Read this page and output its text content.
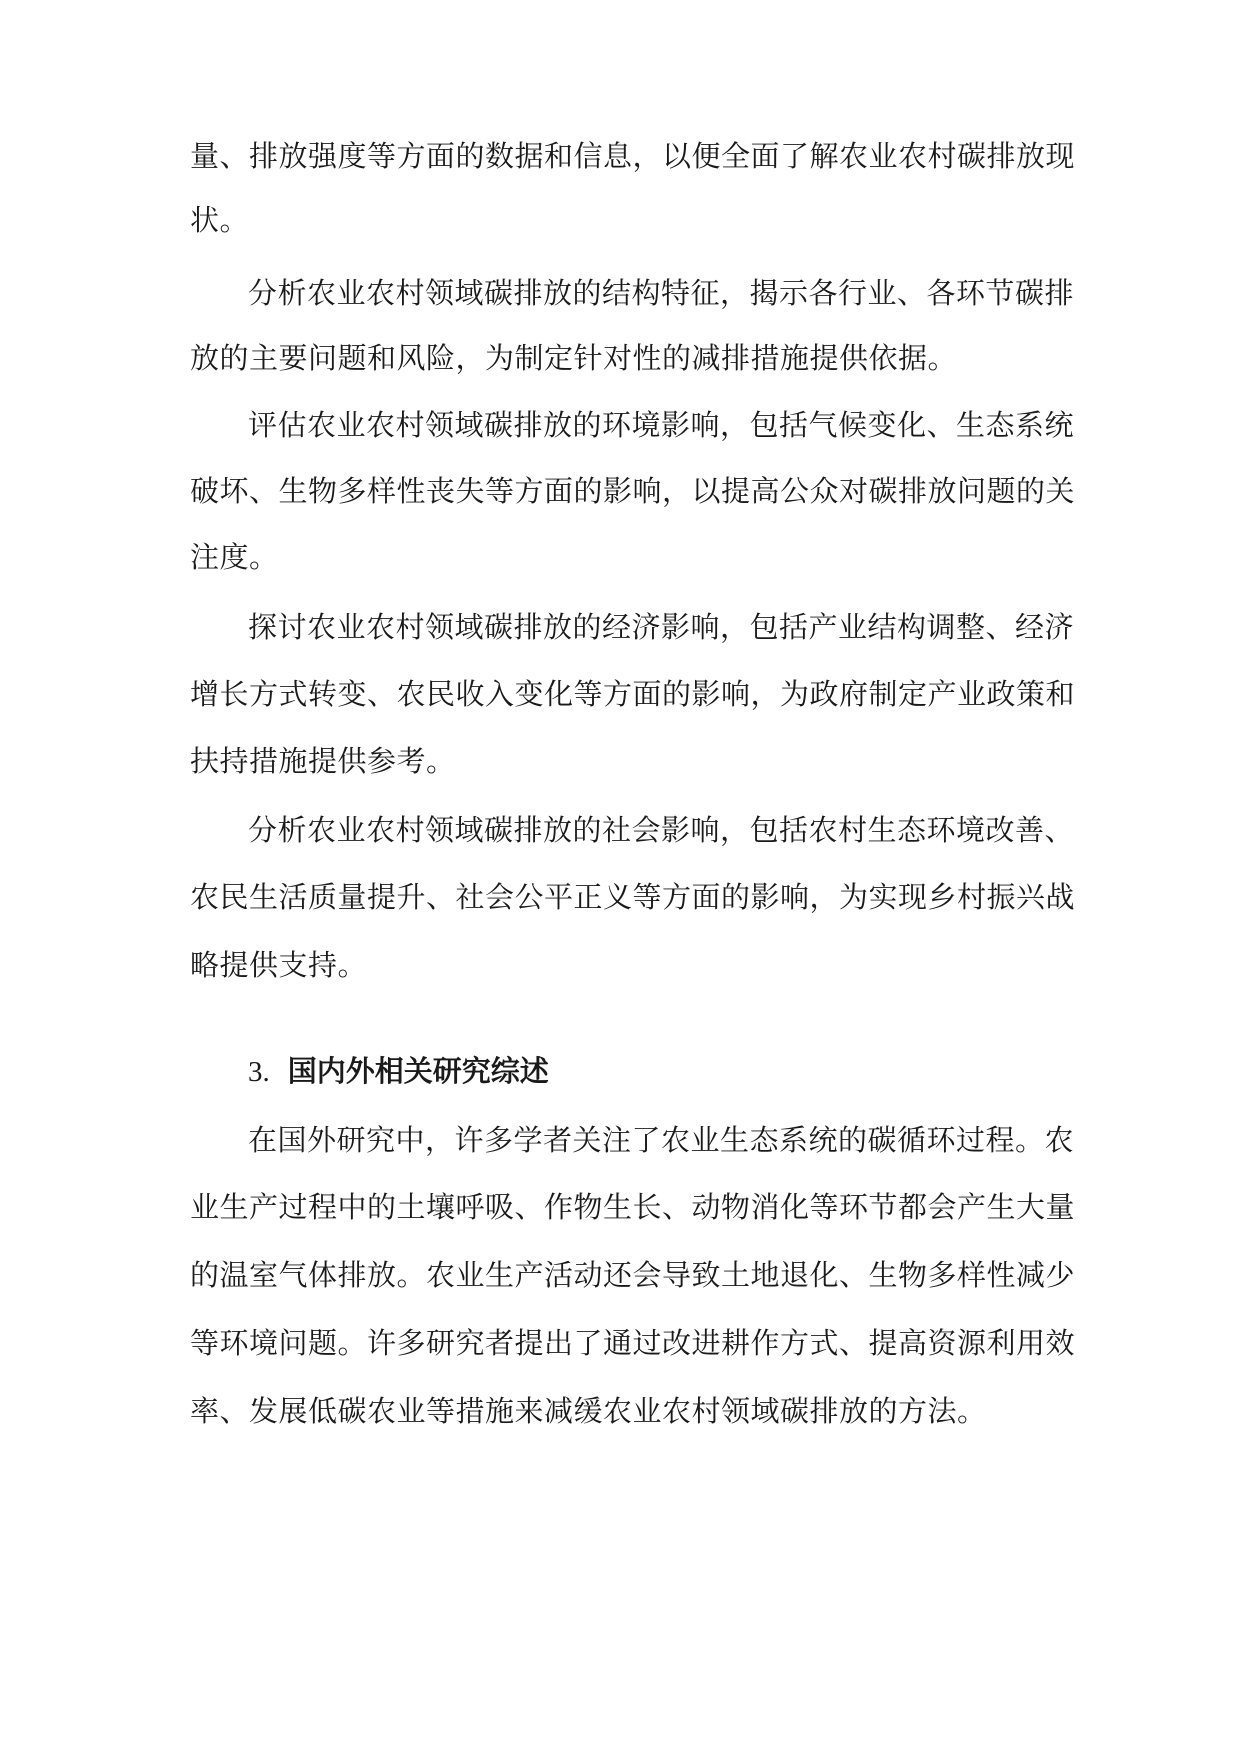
量、排放强度等方面的数据和信息，以便全面了解农业农村碳排放现
状。
分析农业农村领域碳排放的结构特征，揭示各行业、各环节碳排
放的主要问题和风险，为制定针对性的减排措施提供依据。
评估农业农村领域碳排放的环境影响，包括气候变化、生态系统
破坏、生物多样性丧失等方面的影响，以提高公众对碳排放问题的关
注度。
探讨农业农村领域碳排放的经济影响，包括产业结构调整、经济
增长方式转变、农民收入变化等方面的影响，为政府制定产业政策和
扶持措施提供参考。
分析农业农村领域碳排放的社会影响，包括农村生态环境改善、
农民生活质量提升、社会公平正义等方面的影响，为实现乡村振兴战
略提供支持。
3. 国内外相关研究综述
在国外研究中，许多学者关注了农业生态系统的碳循环过程。农
业生产过程中的土壤呼吸、作物生长、动物消化等环节都会产生大量
的温室气体排放。农业生产活动还会导致土地退化、生物多样性减少
等环境问题。许多研究者提出了通过改进耕作方式、提高资源利用效
率、发展低碳农业等措施来减缓农业农村领域碳排放的方法。
